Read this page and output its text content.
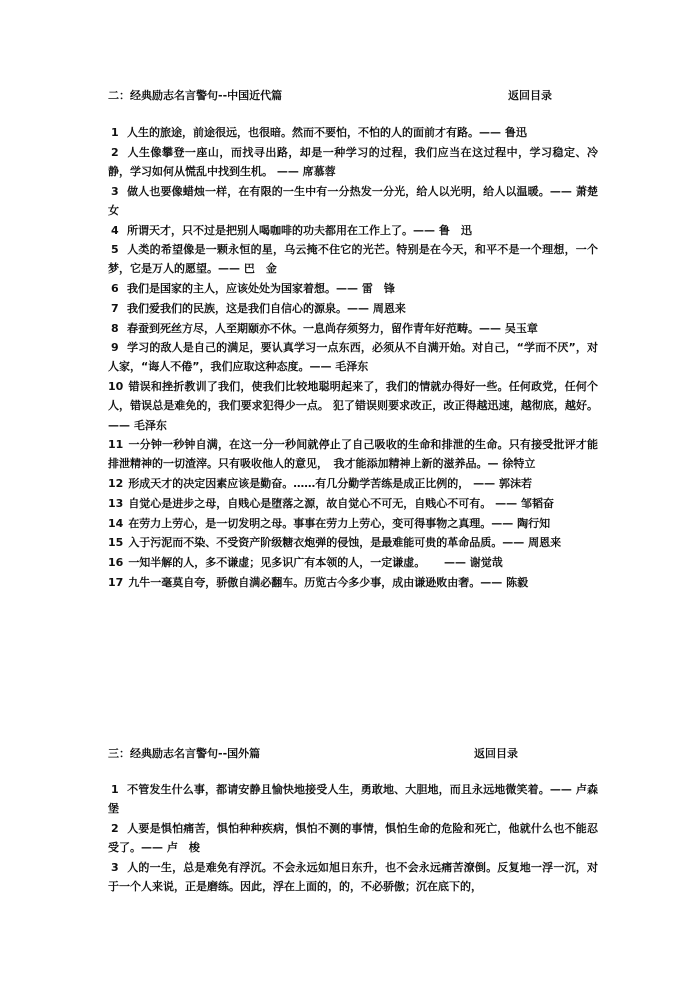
二：经典励志名言警句--中国近代篇	返回目录
1 人生的旅途，前途很远，也很暗。然而不要怕，不怕的人的面前才有路。—— 鲁迅
2 人生像攀登一座山，而找寻出路，却是一种学习的过程，我们应当在这过程中，学习稳定、冷静，学习如何从慌乱中找到生机。 —— 席慕蓉
3 做人也要像蜡烛一样，在有限的一生中有一分热发一分光，给人以光明，给人以温暖。—— 萧楚女
4 所谓天才，只不过是把别人喝咖啡的功夫都用在工作上了。—— 鲁　迅
5 人类的希望像是一颗永恒的星，乌云掩不住它的光芒。特别是在今天，和平不是一个理想，一个梦，它是万人的愿望。—— 巴　金
6 我们是国家的主人，应该处处为国家着想。—— 雷　锋
7 我们爱我们的民族，这是我们自信心的源泉。—— 周恩来
8 春蚕到死丝方尽，人至期颐亦不休。一息尚存须努力，留作青年好范畴。—— 吴玉章
9 学习的敌人是自己的满足，要认真学习一点东西，必须从不自满开始。对自己，“学而不厌”，对人家，“诲人不倦”，我们应取这种态度。—— 毛泽东
10 错误和挫折教训了我们，使我们比较地聪明起来了，我们的情就办得好一些。任何政党，任何个人，错误总是难免的，我们要求犯得少一点。 犯了错误则要求改正，改正得越迅速，越彻底，越好。—— 毛泽东
11 一分钟一秒钟自满，在这一分一秒间就停止了自己吸收的生命和排泄的生命。只有接受批评才能排泄精神的一切渣滓。只有吸收他人的意见，　我才能添加精神上新的滋养品。— 徐特立
12 形成天才的决定因素应该是勤奋。……有几分勤学苦练是成正比例的， —— 郭沫若
13 自觉心是进步之母，自贱心是堕落之源，故自觉心不可无，自贱心不可有。 —— 邹韬奋
14 在劳力上劳心，是一切发明之母。事事在劳力上劳心，变可得事物之真理。—— 陶行知
15 入于污泥而不染、不受资产阶级糖衣炮弹的侵蚀，是最难能可贵的革命品质。—— 周恩来
16 一知半解的人，多不谦虚；见多识广有本领的人，一定谦虚。 　 —— 谢觉哉
17 九牛一毫莫自夸，骄傲自满必翻车。历览古今多少事，成由谦逊败由奢。—— 陈毅
三：经典励志名言警句--国外篇	返回目录
1 不管发生什么事，都请安静且愉快地接受人生，勇敢地、大胆地，而且永远地微笑着。—— 卢森堡
2 人要是惧怕痛苦，惧怕种种疾病，惧怕不测的事情，惧怕生命的危险和死亡，他就什么也不能忍受了。—— 卢　梭
3 人的一生，总是难免有浮沉。不会永远如旭日东升，也不会永远痛苦潦倒。反复地一浮一沉，对于一个人来说，正是磨练。因此，浮在上面的，的，不必骄傲；沉在底下的，
